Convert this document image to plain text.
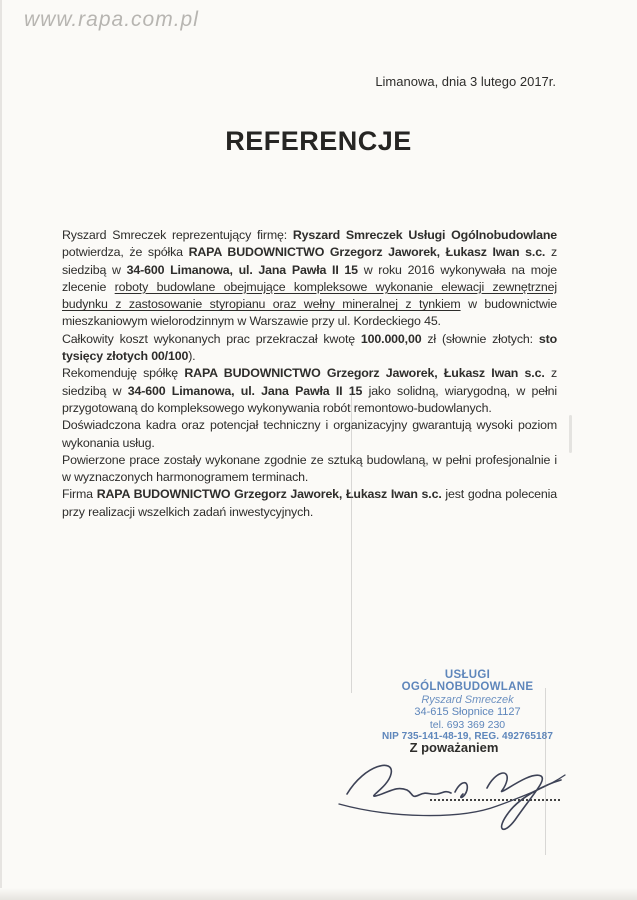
www.rapa.com.pl
Limanowa, dnia 3 lutego 2017r.
REFERENCJE

Ryszard Smreczek reprezentujący firmę: Ryszard Smreczek Usługi Ogólnobudowlane potwierdza, że spółka RAPA BUDOWNICTWO Grzegorz Jaworek, Łukasz Iwan s.c. z siedzibą w 34-600 Limanowa, ul. Jana Pawła II 15 w roku 2016 wykonywała na moje zlecenie roboty budowlane obejmujące kompleksowe wykonanie elewacji zewnętrznej budynku z zastosowanie styropianu oraz wełny mineralnej z tynkiem w budownictwie mieszkaniowym wielorodzinnym w Warszawie przy ul. Kordeckiego 45.

Całkowity koszt wykonanych prac przekraczał kwotę 100.000,00 zł (słownie złotych: sto tysięcy złotych 00/100).

Rekomenduję spółkę RAPA BUDOWNICTWO Grzegorz Jaworek, Łukasz Iwan s.c. z siedzibą w 34-600 Limanowa, ul. Jana Pawła II 15 jako solidną, wiarygodną, w pełni przygotowaną do kompleksowego wykonywania robót remontowo-budowlanych.

Doświadczona kadra oraz potencjał techniczny i organizacyjny gwarantują wysoki poziom wykonania usług.

Powierzone prace zostały wykonane zgodnie ze sztuką budowlaną, w pełni profesjonalnie i w wyznaczonych harmonogramem terminach.

Firma RAPA BUDOWNICTWO Grzegorz Jaworek, Łukasz Iwan s.c. jest godna polecenia przy realizacji wszelkich zadań inwestycyjnych.

USŁUGI OGÓLNOBUDOWLANE
Ryszard Smreczek
34-615 Słopnice 1127
tel. 693 369 230
NIP 735-141-48-19, REG. 492765187
Z poważaniem
